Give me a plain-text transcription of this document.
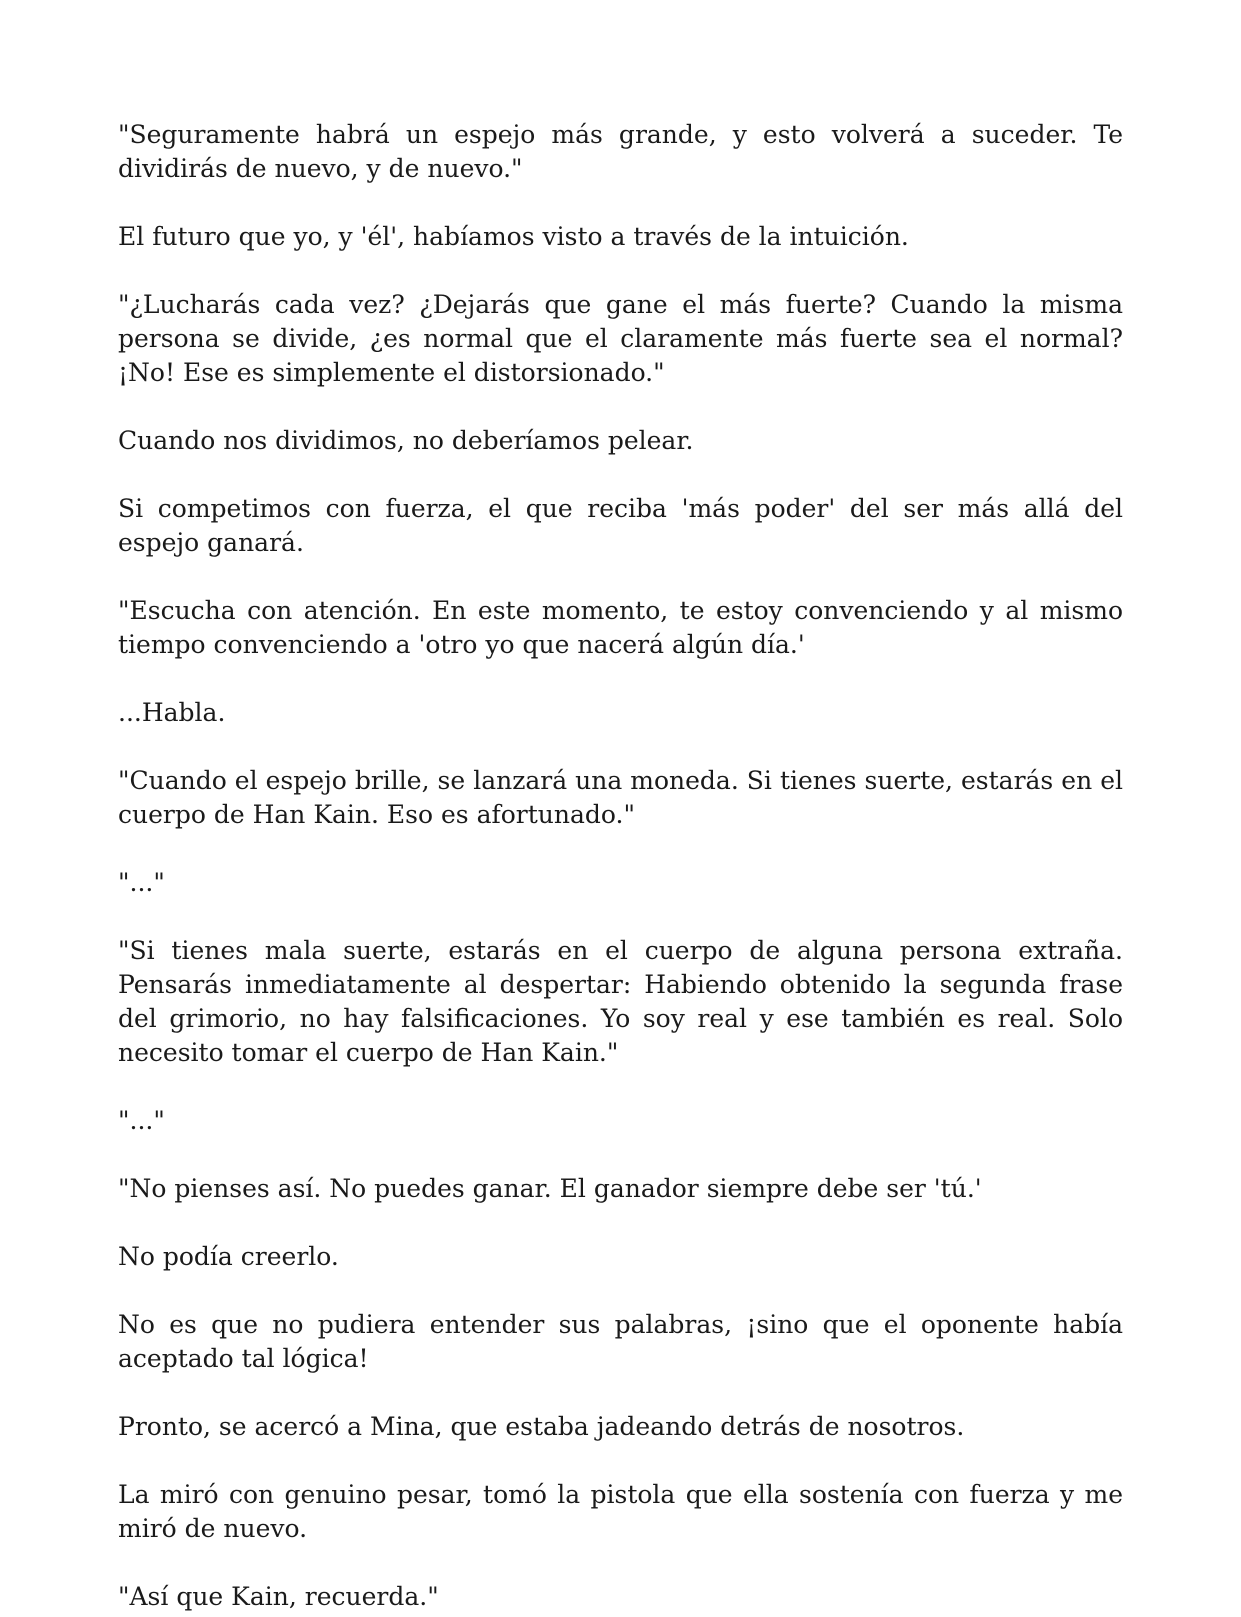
"Seguramente habrá un espejo más grande, y esto volverá a suceder. Te dividirás de nuevo, y de nuevo."

El futuro que yo, y 'él', habíamos visto a través de la intuición.

"¿Lucharás cada vez? ¿Dejarás que gane el más fuerte? Cuando la misma persona se divide, ¿es normal que el claramente más fuerte sea el normal? ¡No! Ese es simplemente el distorsionado."

Cuando nos dividimos, no deberíamos pelear.

Si competimos con fuerza, el que reciba 'más poder' del ser más allá del espejo ganará.

"Escucha con atención. En este momento, te estoy convenciendo y al mismo tiempo convenciendo a 'otro yo que nacerá algún día.'

...Habla.

"Cuando el espejo brille, se lanzará una moneda. Si tienes suerte, estarás en el cuerpo de Han Kain. Eso es afortunado."

"..."

"Si tienes mala suerte, estarás en el cuerpo de alguna persona extraña. Pensarás inmediatamente al despertar: Habiendo obtenido la segunda frase del grimorio, no hay falsificaciones. Yo soy real y ese también es real. Solo necesito tomar el cuerpo de Han Kain."

"..."

"No pienses así. No puedes ganar. El ganador siempre debe ser 'tú.'

No podía creerlo.

No es que no pudiera entender sus palabras, ¡sino que el oponente había aceptado tal lógica!

Pronto, se acercó a Mina, que estaba jadeando detrás de nosotros.

La miró con genuino pesar, tomó la pistola que ella sostenía con fuerza y me miró de nuevo.

"Así que Kain, recuerda."
